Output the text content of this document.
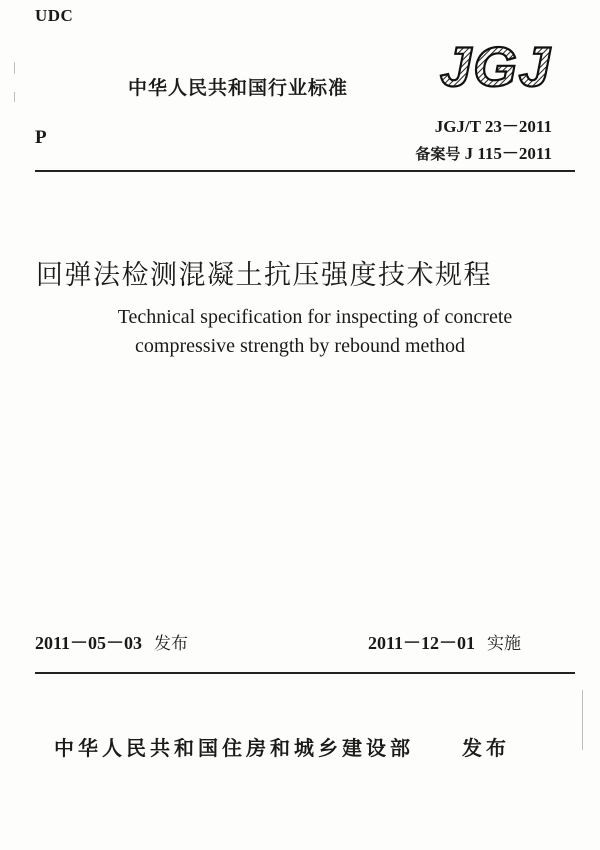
UDC
中华人民共和国行业标准 JGJ
P
JGJ/T 23－2011
备案号 J 115－2011
回弹法检测混凝土抗压强度技术规程
Technical specification for inspecting of concrete
compressive strength by rebound method
2011－05－03 发布	2011－12－01 实施
中华人民共和国住房和城乡建设部 发布
